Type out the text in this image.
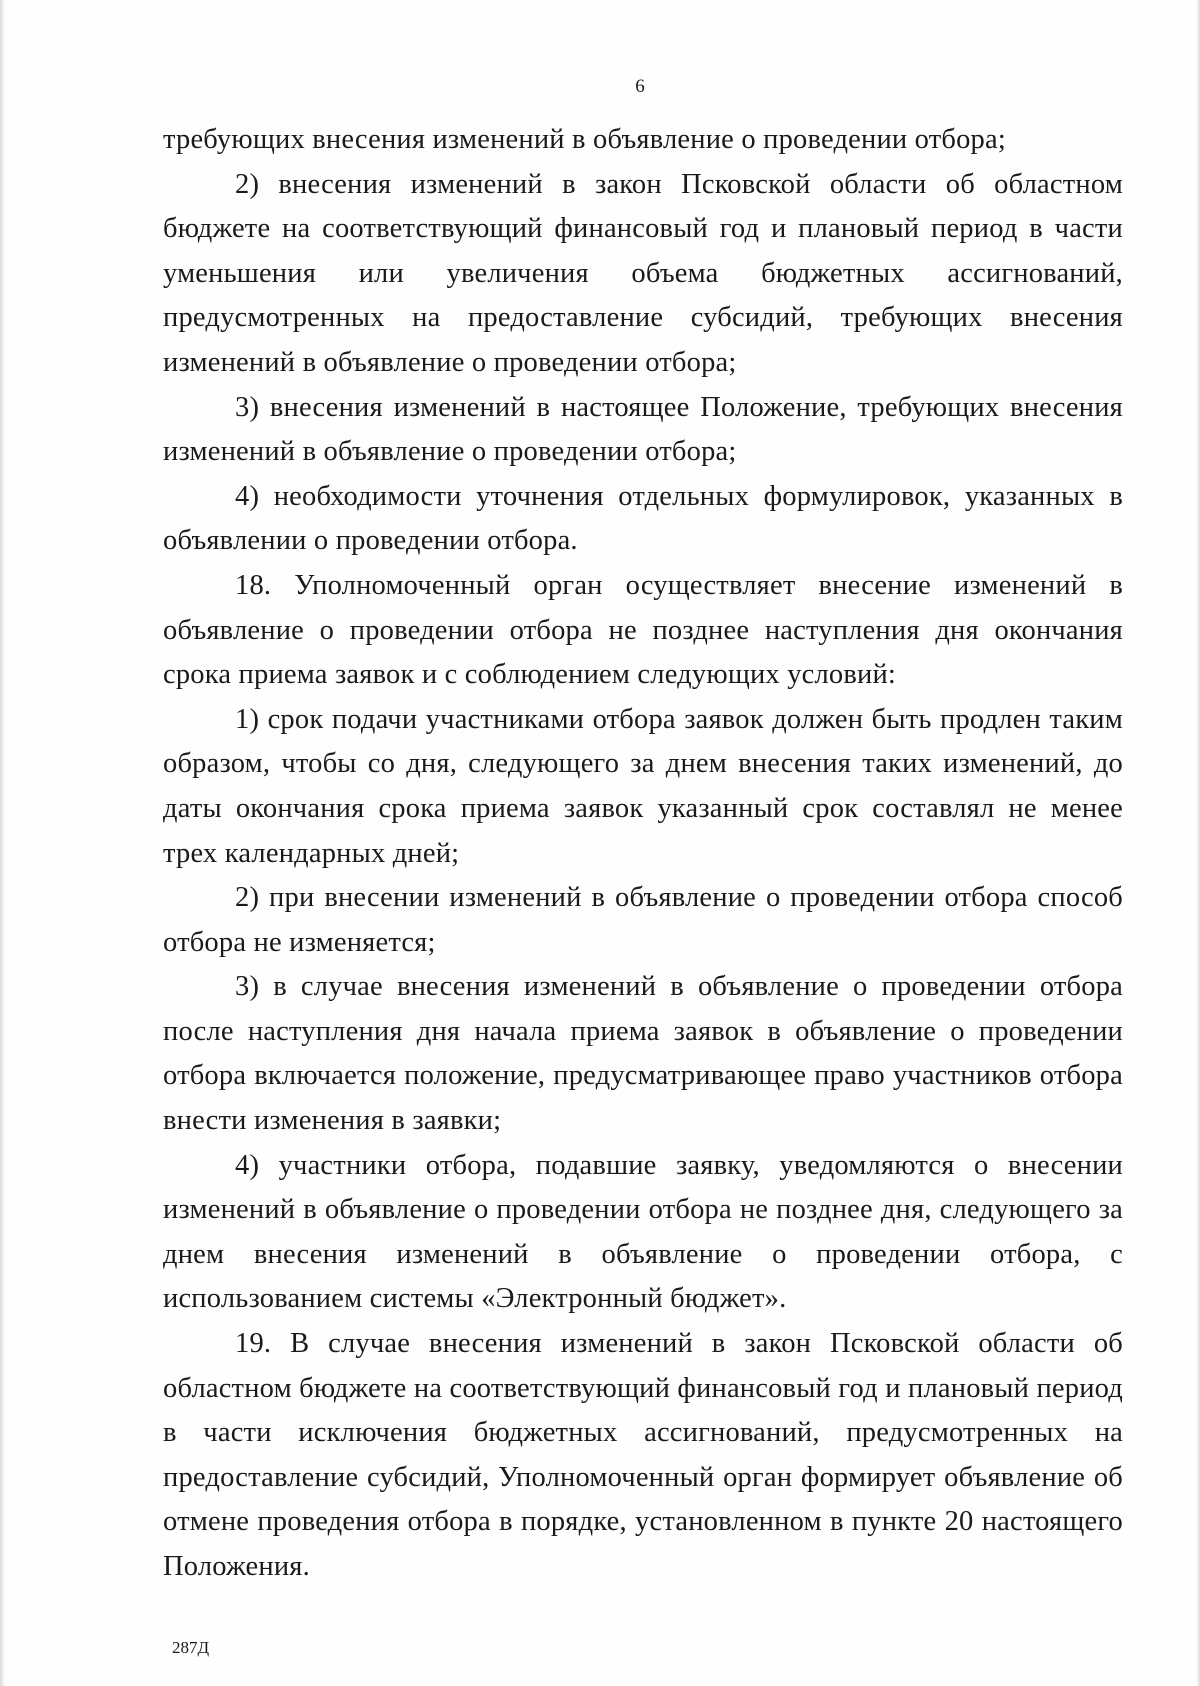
6

требующих внесения изменений в объявление о проведении отбора;

2) внесения изменений в закон Псковской области об областном бюджете на соответствующий финансовый год и плановый период в части уменьшения или увеличения объема бюджетных ассигнований, предусмотренных на предоставление субсидий, требующих внесения изменений в объявление о проведении отбора;

3) внесения изменений в настоящее Положение, требующих внесения изменений в объявление о проведении отбора;

4) необходимости уточнения отдельных формулировок, указанных в объявлении о проведении отбора.

18. Уполномоченный орган осуществляет внесение изменений в объявление о проведении отбора не позднее наступления дня окончания срока приема заявок и с соблюдением следующих условий:

1) срок подачи участниками отбора заявок должен быть продлен таким образом, чтобы со дня, следующего за днем внесения таких изменений, до даты окончания срока приема заявок указанный срок составлял не менее трех календарных дней;

2) при внесении изменений в объявление о проведении отбора способ отбора не изменяется;

3) в случае внесения изменений в объявление о проведении отбора после наступления дня начала приема заявок в объявление о проведении отбора включается положение, предусматривающее право участников отбора внести изменения в заявки;

4) участники отбора, подавшие заявку, уведомляются о внесении изменений в объявление о проведении отбора не позднее дня, следующего за днем внесения изменений в объявление о проведении отбора, с использованием системы «Электронный бюджет».

19. В случае внесения изменений в закон Псковской области об областном бюджете на соответствующий финансовый год и плановый период в части исключения бюджетных ассигнований, предусмотренных на предоставление субсидий, Уполномоченный орган формирует объявление об отмене проведения отбора в порядке, установленном в пункте 20 настоящего Положения.

287Д
